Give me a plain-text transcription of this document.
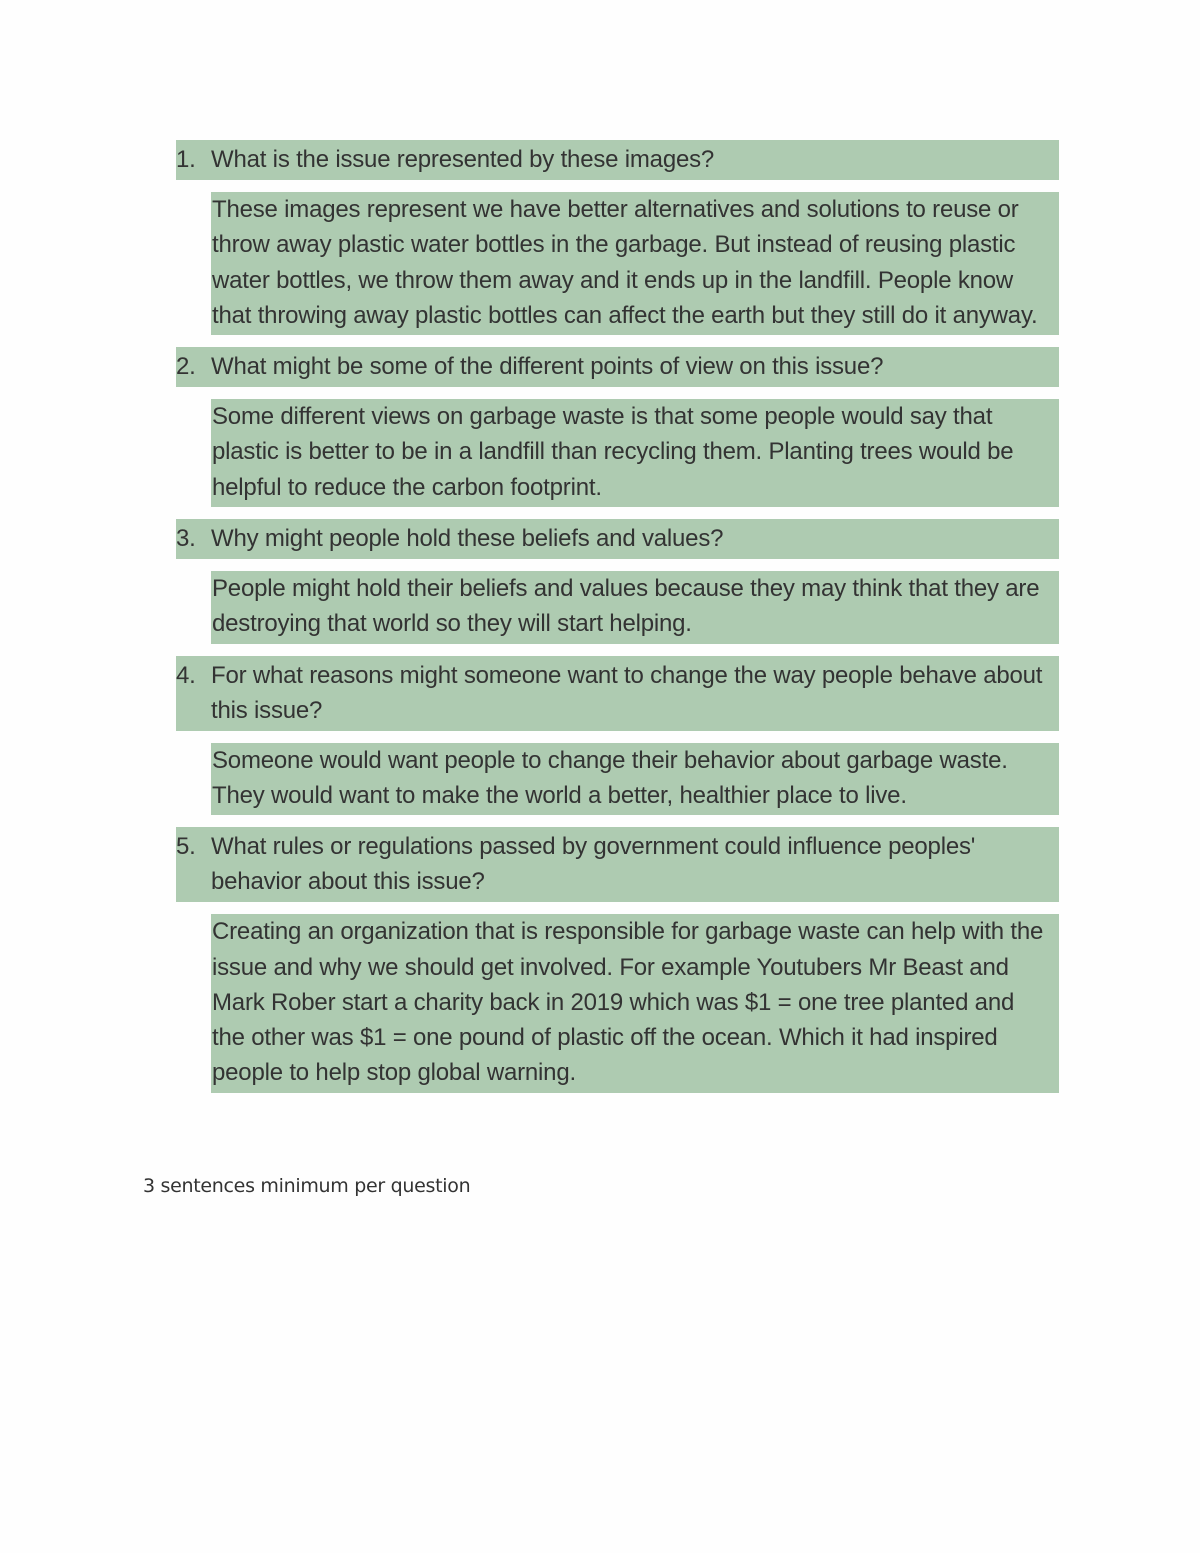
1. What is the issue represented by these images?
These images represent we have better alternatives and solutions to reuse or throw away plastic water bottles in the garbage. But instead of reusing plastic water bottles, we throw them away and it ends up in the landfill. People know that throwing away plastic bottles can affect the earth but they still do it anyway.
2. What might be some of the different points of view on this issue?
Some different views on garbage waste is that some people would say that plastic is better to be in a landfill than recycling them. Planting trees would be helpful to reduce the carbon footprint.
3. Why might people hold these beliefs and values?
People might hold their beliefs and values because they may think that they are destroying that world so they will start helping.
4. For what reasons might someone want to change the way people behave about this issue?
Someone would want people to change their behavior about garbage waste. They would want to make the world a better, healthier place to live.
5. What rules or regulations passed by government could influence peoples' behavior about this issue?
Creating an organization that is responsible for garbage waste can help with the issue and why we should get involved. For example Youtubers Mr Beast and Mark Rober start a charity back in 2019 which was $1 = one tree planted and the other was $1 = one pound of plastic off the ocean. Which it had inspired people to help stop global warning.
3 sentences minimum per question
